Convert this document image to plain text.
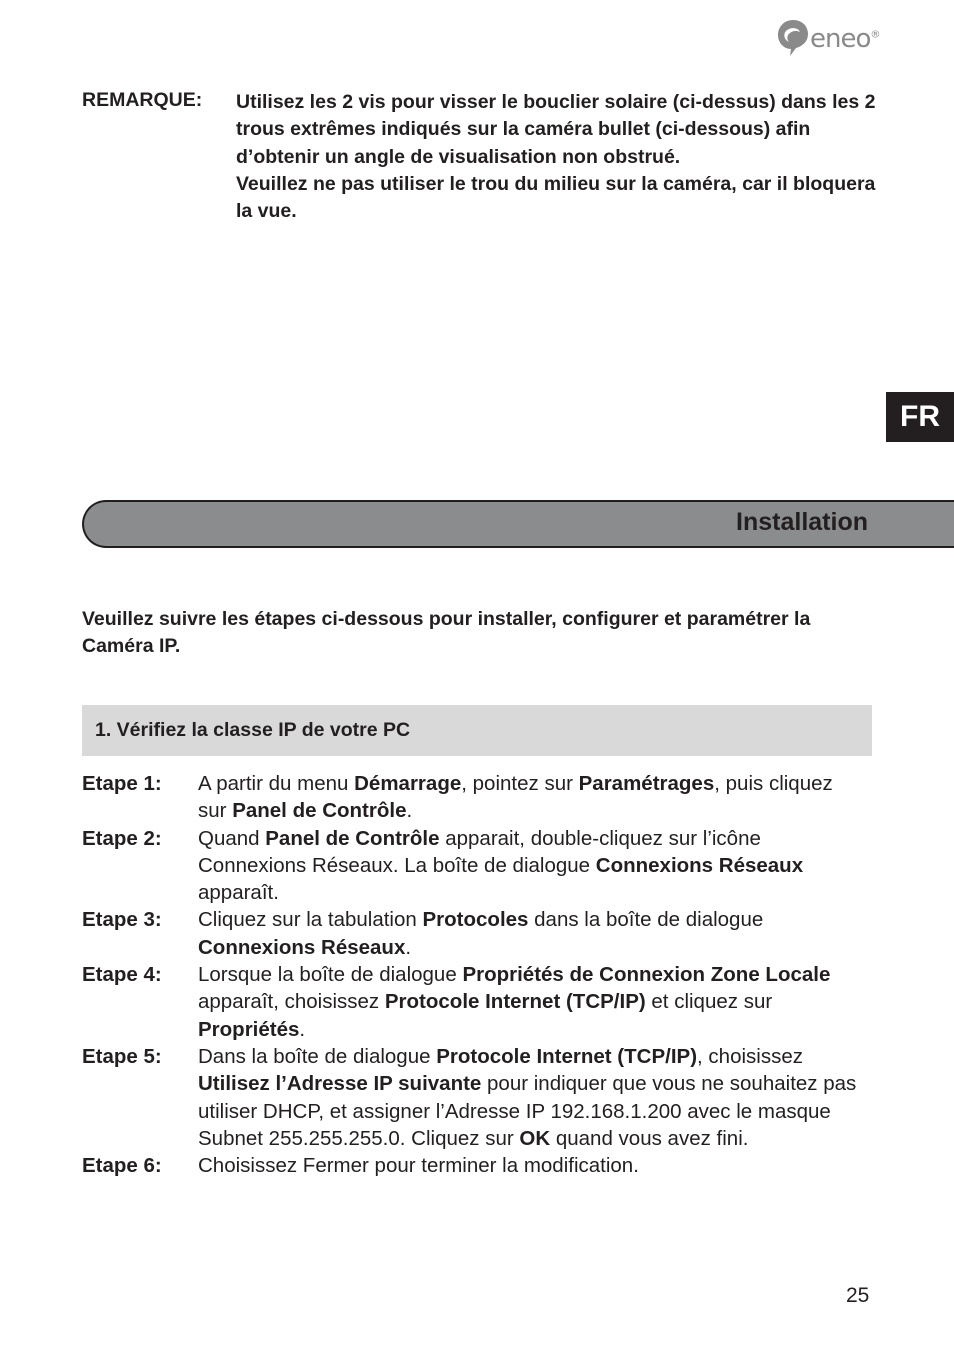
eneo®
REMARQUE: Utilisez les 2 vis pour visser le bouclier solaire (ci-dessus) dans les 2 trous extrêmes indiqués sur la caméra bullet (ci-dessous) afin d’obtenir un angle de visualisation non obstrué.

Veuillez ne pas utiliser le trou du milieu sur la caméra, car il bloquera la vue.

FR
Installation
Veuillez suivre les étapes ci-dessous pour installer, configurer et paramétrer la Caméra IP.
1. Vérifiez la classe IP de votre PC
Etape 1: A partir du menu Démarrage, pointez sur Paramétrages, puis cliquez sur Panel de Contrôle.
Etape 2: Quand Panel de Contrôle apparait, double-cliquez sur l’icône Connexions Réseaux. La boîte de dialogue Connexions Réseaux apparaît.
Etape 3: Cliquez sur la tabulation Protocoles dans la boîte de dialogue Connexions Réseaux.
Etape 4: Lorsque la boîte de dialogue Propriétés de Connexion Zone Locale apparaît, choisissez Protocole Internet (TCP/IP) et cliquez sur Propriétés.
Etape 5: Dans la boîte de dialogue Protocole Internet (TCP/IP), choisissez Utilisez l’Adresse IP suivante pour indiquer que vous ne souhaitez pas utiliser DHCP, et assigner l’Adresse IP 192.168.1.200 avec le masque Subnet 255.255.255.0. Cliquez sur OK quand vous avez fini.
Etape 6: Choisissez Fermer pour terminer la modification.
25
